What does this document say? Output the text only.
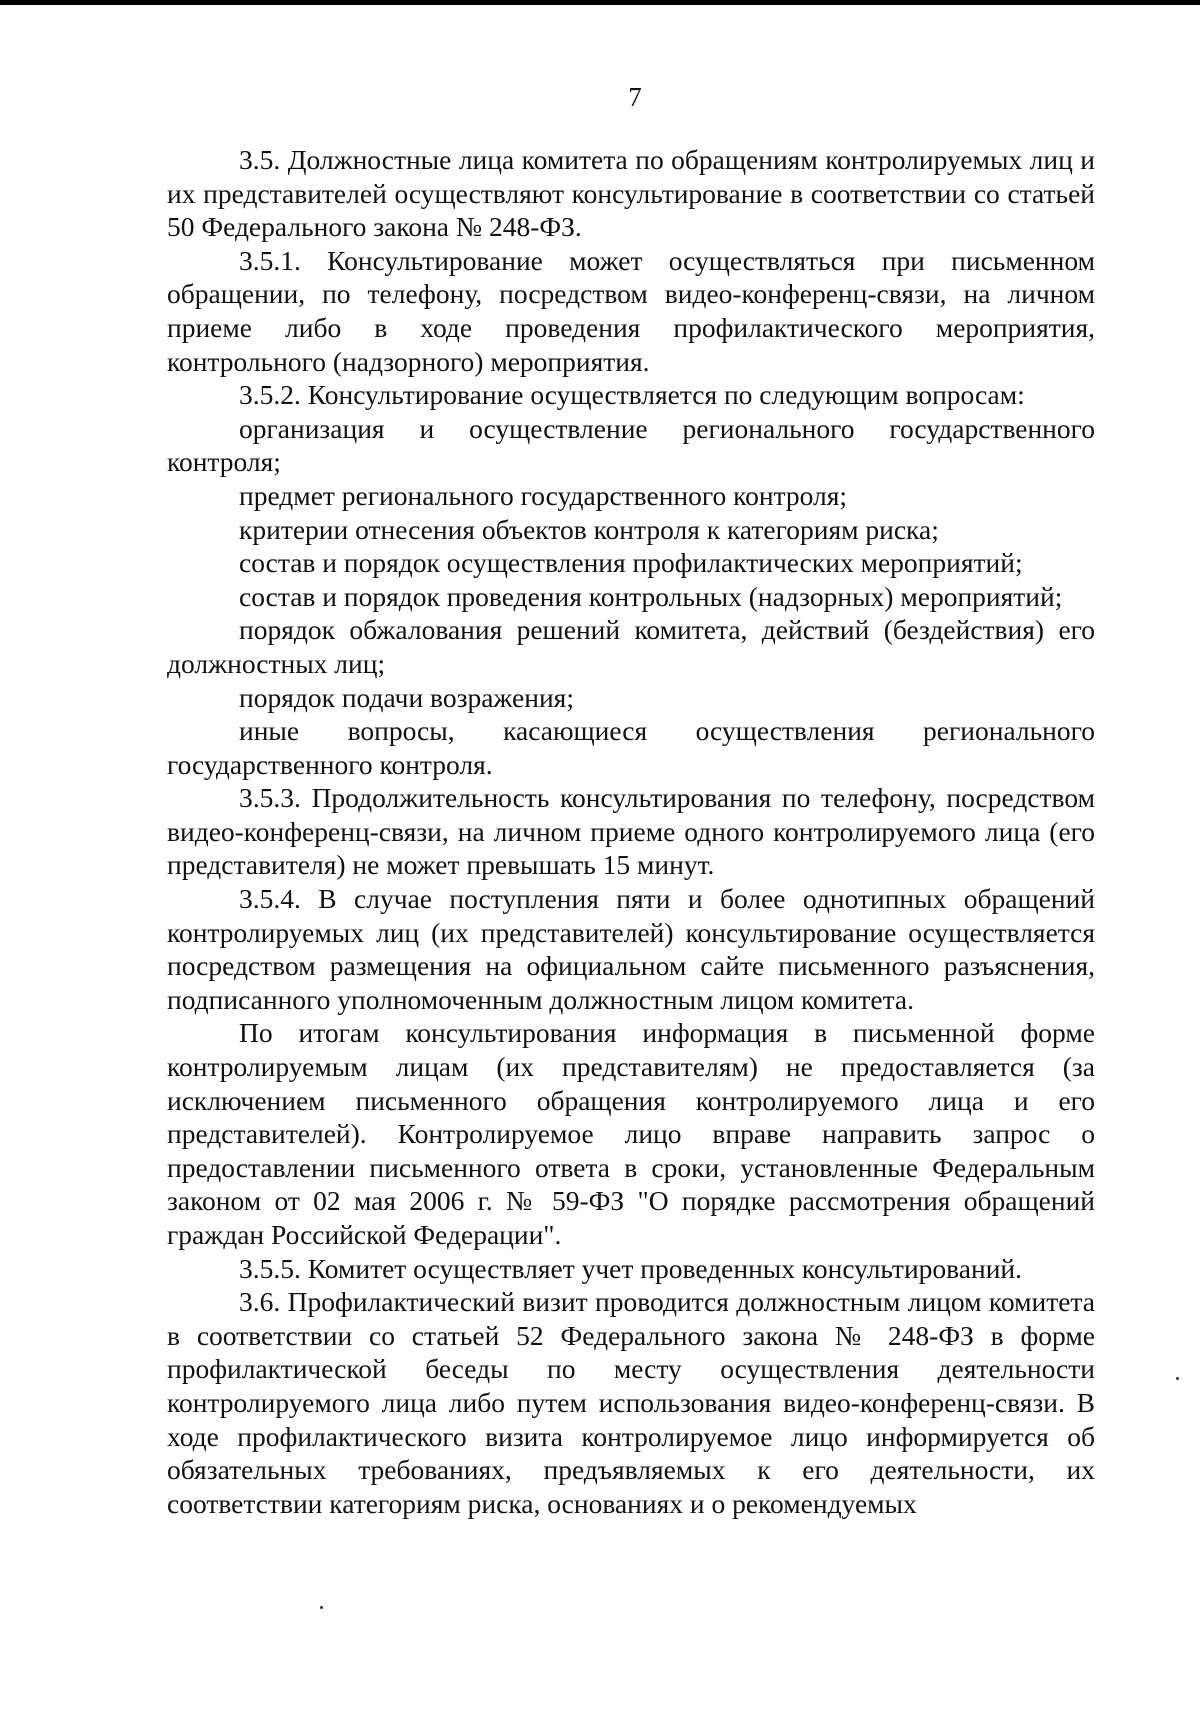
7

3.5. Должностные лица комитета по обращениям контролируемых лиц и их представителей осуществляют консультирование в соответствии со статьей 50 Федерального закона № 248-ФЗ.

3.5.1. Консультирование может осуществляться при письменном обращении, по телефону, посредством видео-конференц-связи, на личном приеме либо в ходе проведения профилактического мероприятия, контрольного (надзорного) мероприятия.

3.5.2. Консультирование осуществляется по следующим вопросам:

организация и осуществление регионального государственного контроля;

предмет регионального государственного контроля;

критерии отнесения объектов контроля к категориям риска;

состав и порядок осуществления профилактических мероприятий;

состав и порядок проведения контрольных (надзорных) мероприятий;

порядок обжалования решений комитета, действий (бездействия) его должностных лиц;

порядок подачи возражения;

иные вопросы, касающиеся осуществления регионального государственного контроля.

3.5.3. Продолжительность консультирования по телефону, посредством видео-конференц-связи, на личном приеме одного контролируемого лица (его представителя) не может превышать 15 минут.

3.5.4. В случае поступления пяти и более однотипных обращений контролируемых лиц (их представителей) консультирование осуществляется посредством размещения на официальном сайте письменного разъяснения, подписанного уполномоченным должностным лицом комитета.

По итогам консультирования информация в письменной форме контролируемым лицам (их представителям) не предоставляется (за исключением письменного обращения контролируемого лица и его представителей). Контролируемое лицо вправе направить запрос о предоставлении письменного ответа в сроки, установленные Федеральным законом от 02 мая 2006 г. № 59-ФЗ "О порядке рассмотрения обращений граждан Российской Федерации".

3.5.5. Комитет осуществляет учет проведенных консультирований.

3.6. Профилактический визит проводится должностным лицом комитета в соответствии со статьей 52 Федерального закона № 248-ФЗ в форме профилактической беседы по месту осуществления деятельности контролируемого лица либо путем использования видео-конференц-связи. В ходе профилактического визита контролируемое лицо информируется об обязательных требованиях, предъявляемых к его деятельности, их соответствии категориям риска, основаниях и о рекомендуемых
